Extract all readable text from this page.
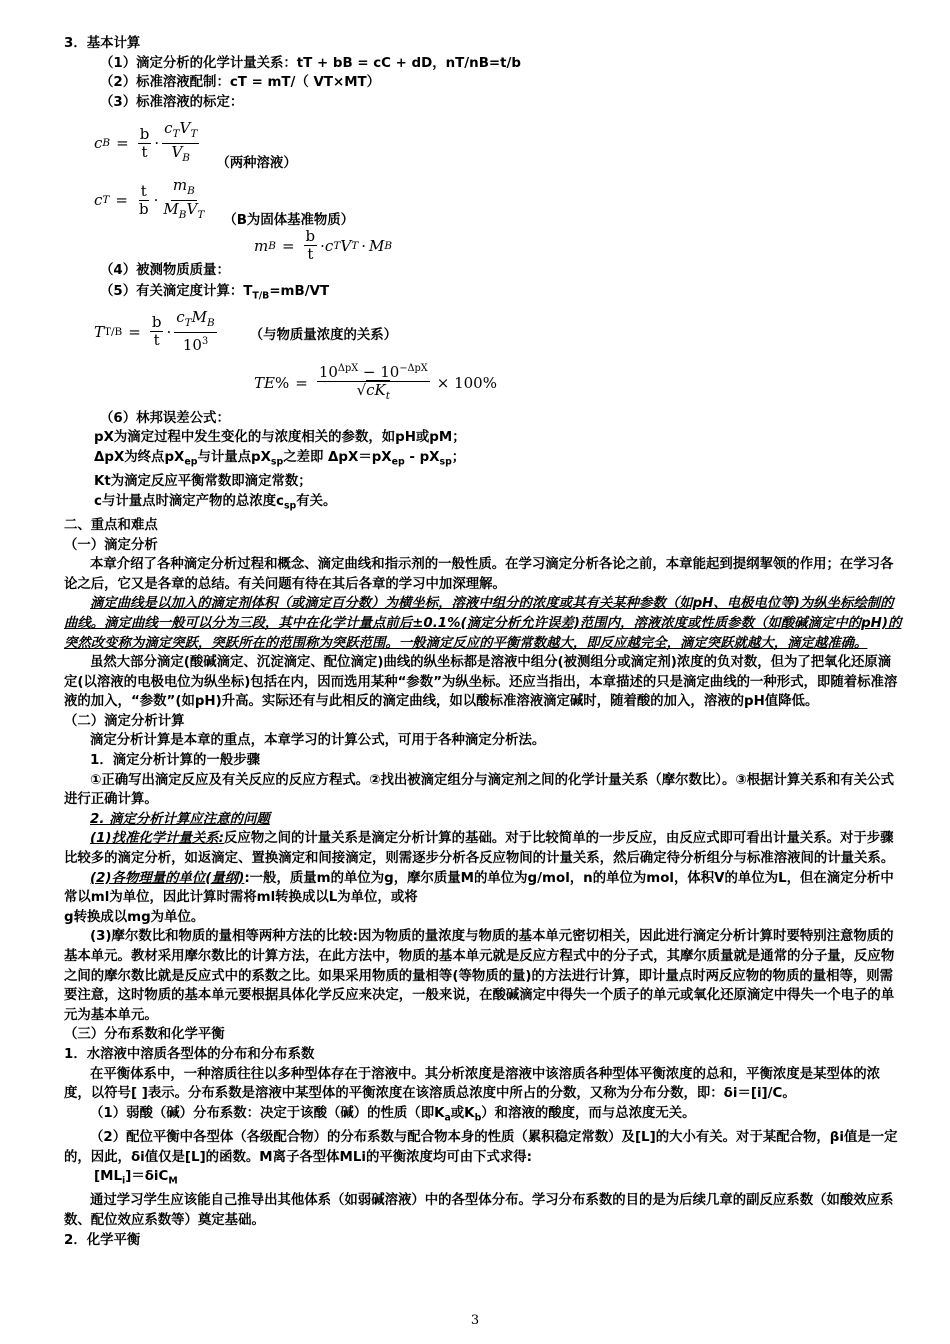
3．基本计算
（1）滴定分析的化学计量关系：tT + bB = cC + dD，nT/nB=t/b
（2）标准溶液配制：cT = mT/（ VT×MT）
（3）标准溶液的标定：
c $B = \frac{b}{t} \cdot \frac{c_TV_T}{V_B}$ （两种溶液）
c $T = \frac{t}{b} \cdot \frac{m_B}{M_BV_T} (B$为固体基准物质）
m $B = \frac{b}{t} \cdot c$ T V T · M B
（4）被测物质质量：
（5）有关滴定度计算：$T_{T/B}=mB/VT$
T $T/B = \frac{b}{t} \cdot \frac{c_TM_B}{10^3}$ （与物质量浓度的关系）
TE % = $\frac{10^{\Delta pX} - 10^{-\Delta pX}}{√cK_t} \times 100\%$
（6）林邦误差公式：
pX为滴定过程中发生变化的与浓度相关的参数，如pH或pM；
ΔpX为终点$pX_{ep}$与计量点$pX_{sp}$之差即 $\Delta pX=pX_{ep} - pX_{sp}$；
Kt为滴定反应平衡常数即滴定常数；
c与计量点时滴定产物的总浓度$c_{sp}$有关。
二、重点和难点
（一）滴定分析
本章介绍了各种滴定分析过程和概念、滴定曲线和指示剂的一般性质。在学习滴定分析各论之前，本章能起到提纲挈领的作用；在学习各论之后，它又是各章的总结。有关问题有待在其后各章的学习中加深理解。
滴定曲线是以加入的滴定剂体积（或滴定百分数）为横坐标，溶液中组分的浓度或其有关某种参数（如pH、电极电位等)为纵坐标绘制的曲线。滴定曲线一般可以分为三段，其中在化学计量点前后±0.1%(滴定分析允许误差)范围内，溶液浓度或性质参数（如酸碱滴定中的pH)的突然改变称为滴定突跃，突跃所在的范围称为突跃范围。一般滴定反应的平衡常数越大，即反应越完全，滴定突跃就越大，滴定越准确。
虽然大部分滴定(酸碱滴定、沉淀滴定、配位滴定)曲线的纵坐标都是溶液中组分(被测组分或滴定剂)浓度的负对数，但为了把氧化还原滴定(以溶液的电极电位为纵坐标)包括在内，因而选用某种“参数”为纵坐标。还应当指出，本章描述的只是滴定曲线的一种形式，即随着标准溶液的加入，“参数”(如pH)升高。实际还有与此相反的滴定曲线，如以酸标准溶液滴定碱时，随着酸的加入，溶液的pH值降低。
（二）滴定分析计算
滴定分析计算是本章的重点，本章学习的计算公式，可用于各种滴定分析法。
1．滴定分析计算的一般步骤
①正确写出滴定反应及有关反应的反应方程式。②找出被滴定组分与滴定剂之间的化学计量关系（摩尔数比）。③根据计算关系和有关公式进行正确计算。
2. 滴定分析计算应注意的问题
(1)找准化学计量关系:反应物之间的计量关系是滴定分析计算的基础。对于比较简单的一步反应，由反应式即可看出计量关系。对于步骤比较多的滴定分析，如返滴定、置换滴定和间接滴定，则需逐步分析各反应物间的计量关系，然后确定待分析组分与标准溶液间的计量关系。
(2)各物理量的单位(量纲):一般，质量m的单位为g，摩尔质量M的单位为g/mol，n的单位为mol，体积V的单位为L，但在滴定分析中常以ml为单位，因此计算时需将ml转换成以L为单位，或将
g转换成以mg为单位。
(3)摩尔数比和物质的量相等两种方法的比较:因为物质的量浓度与物质的基本单元密切相关，因此进行滴定分析计算时要特别注意物质的基本单元。教材采用摩尔数比的计算方法，在此方法中，物质的基本单元就是反应方程式中的分子式，其摩尔质量就是通常的分子量，反应物之间的摩尔数比就是反应式中的系数之比。如果采用物质的量相等(等物质的量)的方法进行计算，即计量点时两反应物的物质的量相等，则需要注意，这时物质的基本单元要根据具体化学反应来决定，一般来说，在酸碱滴定中得失一个质子的单元或氧化还原滴定中得失一个电子的单元为基本单元。
（三）分布系数和化学平衡
1．水溶液中溶质各型体的分布和分布系数
在平衡体系中，一种溶质往往以多种型体存在于溶液中。其分析浓度是溶液中该溶质各种型体平衡浓度的总和，平衡浓度是某型体的浓度，以符号[ ]表示。分布系数是溶液中某型体的平衡浓度在该溶质总浓度中所占的分数，又称为分布分数，即：δi＝[i]/C。
（1）弱酸（碱）分布系数：决定于该酸（碱）的性质（即$K_a$或$K_b$）和溶液的酸度，而与总浓度无关。
（2）配位平衡中各型体（各级配合物）的分布系数与配合物本身的性质（累积稳定常数）及[L]的大小有关。对于某配合物，βi值是一定的，因此，δi值仅是[L]的函数。M离子各型体MLi的平衡浓度均可由下式求得:
$[ML_i]=\delta iC_M$
通过学习学生应该能自己推导出其他体系（如弱碱溶液）中的各型体分布。学习分布系数的目的是为后续几章的副反应系数（如酸效应系数、配位效应系数等）奠定基础。
2．化学平衡
3
